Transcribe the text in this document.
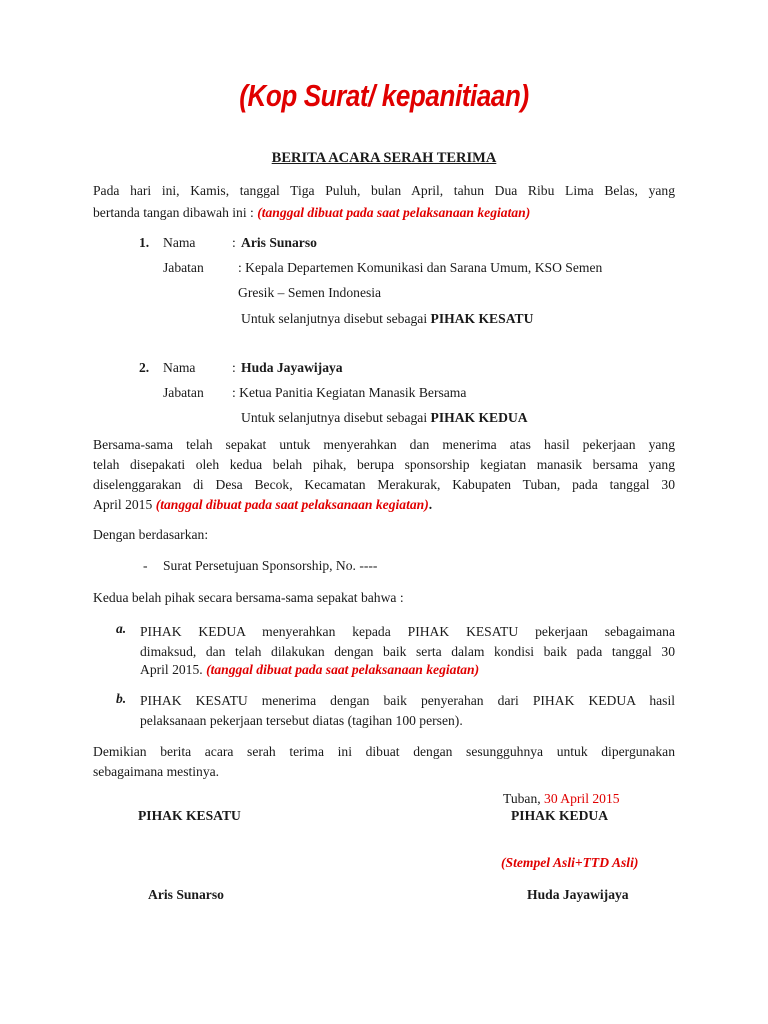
(Kop Surat/ kepanitiaan)
BERITA ACARA SERAH TERIMA
Pada hari ini, Kamis, tanggal Tiga Puluh, bulan April, tahun Dua Ribu Lima Belas, yang
bertanda tangan dibawah ini : (tanggal dibuat pada saat pelaksanaan kegiatan)
1. Nama	: Aris Sunarso
Jabatan	: Kepala Departemen Komunikasi dan Sarana Umum, KSO Semen
Gresik – Semen Indonesia
Untuk selanjutnya disebut sebagai PIHAK KESATU
2. Nama	: Huda Jayawijaya
Jabatan : Ketua Panitia Kegiatan Manasik Bersama
Untuk selanjutnya disebut sebagai PIHAK KEDUA
Bersama-sama telah sepakat untuk menyerahkan dan menerima atas hasil pekerjaan yang
telah disepakati oleh kedua belah pihak, berupa sponsorship kegiatan manasik bersama yang
diselenggarakan di Desa Becok, Kecamatan Merakurak, Kabupaten Tuban, pada tanggal 30
April 2015 (tanggal dibuat pada saat pelaksanaan kegiatan).
Dengan berdasarkan:
- Surat Persetujuan Sponsorship, No. ----
Kedua belah pihak secara bersama-sama sepakat bahwa :
a. PIHAK KEDUA menyerahkan kepada PIHAK KESATU pekerjaan sebagaimana
dimaksud, dan telah dilakukan dengan baik serta dalam kondisi baik pada tanggal 30
April 2015. (tanggal dibuat pada saat pelaksanaan kegiatan)
b. PIHAK KESATU menerima dengan baik penyerahan dari PIHAK KEDUA hasil
pelaksanaan pekerjaan tersebut diatas (tagihan 100 persen).
Demikian berita acara serah terima ini dibuat dengan sesungguhnya untuk dipergunakan
sebagaimana mestinya.
Tuban, 30 April 2015
PIHAK KESATU	PIHAK KEDUA
(Stempel Asli+TTD Asli)
Aris Sunarso	Huda Jayawijaya
